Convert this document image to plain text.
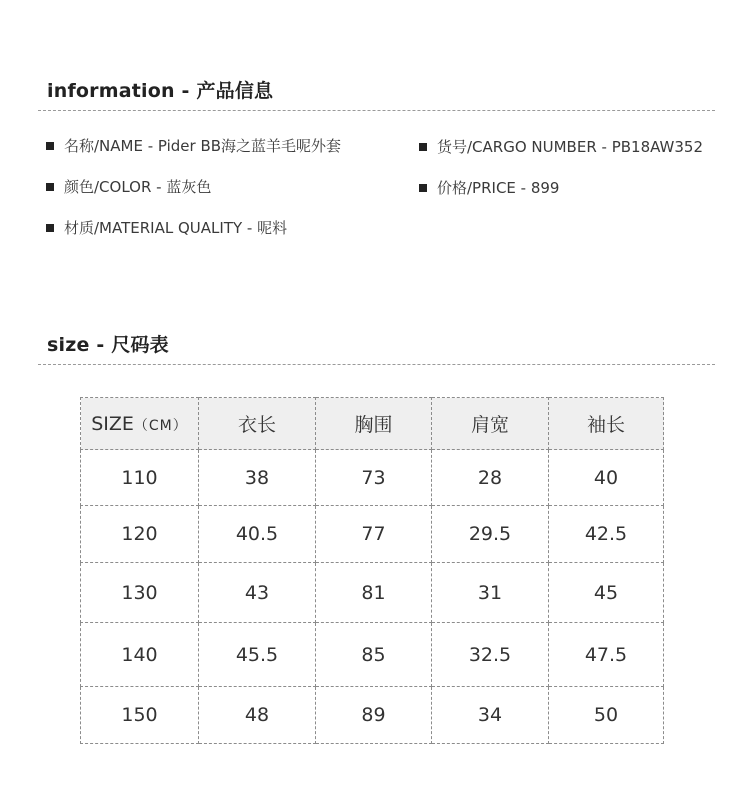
information - 产品信息
名称/NAME - Pider BB海之蓝羊毛呢外套	货号/CARGO NUMBER - PB18AW352
颜色/COLOR - 蓝灰色	价格/PRICE - 899
材质/MATERIAL QUALITY - 呢料
size - 尺码表
SIZE（CM）	衣长	胸围	肩宽	袖长
110	38	73	28	40
120	40.5	77	29.5	42.5
130	43	81	31	45
140	45.5	85	32.5	47.5
150	48	89	34	50
